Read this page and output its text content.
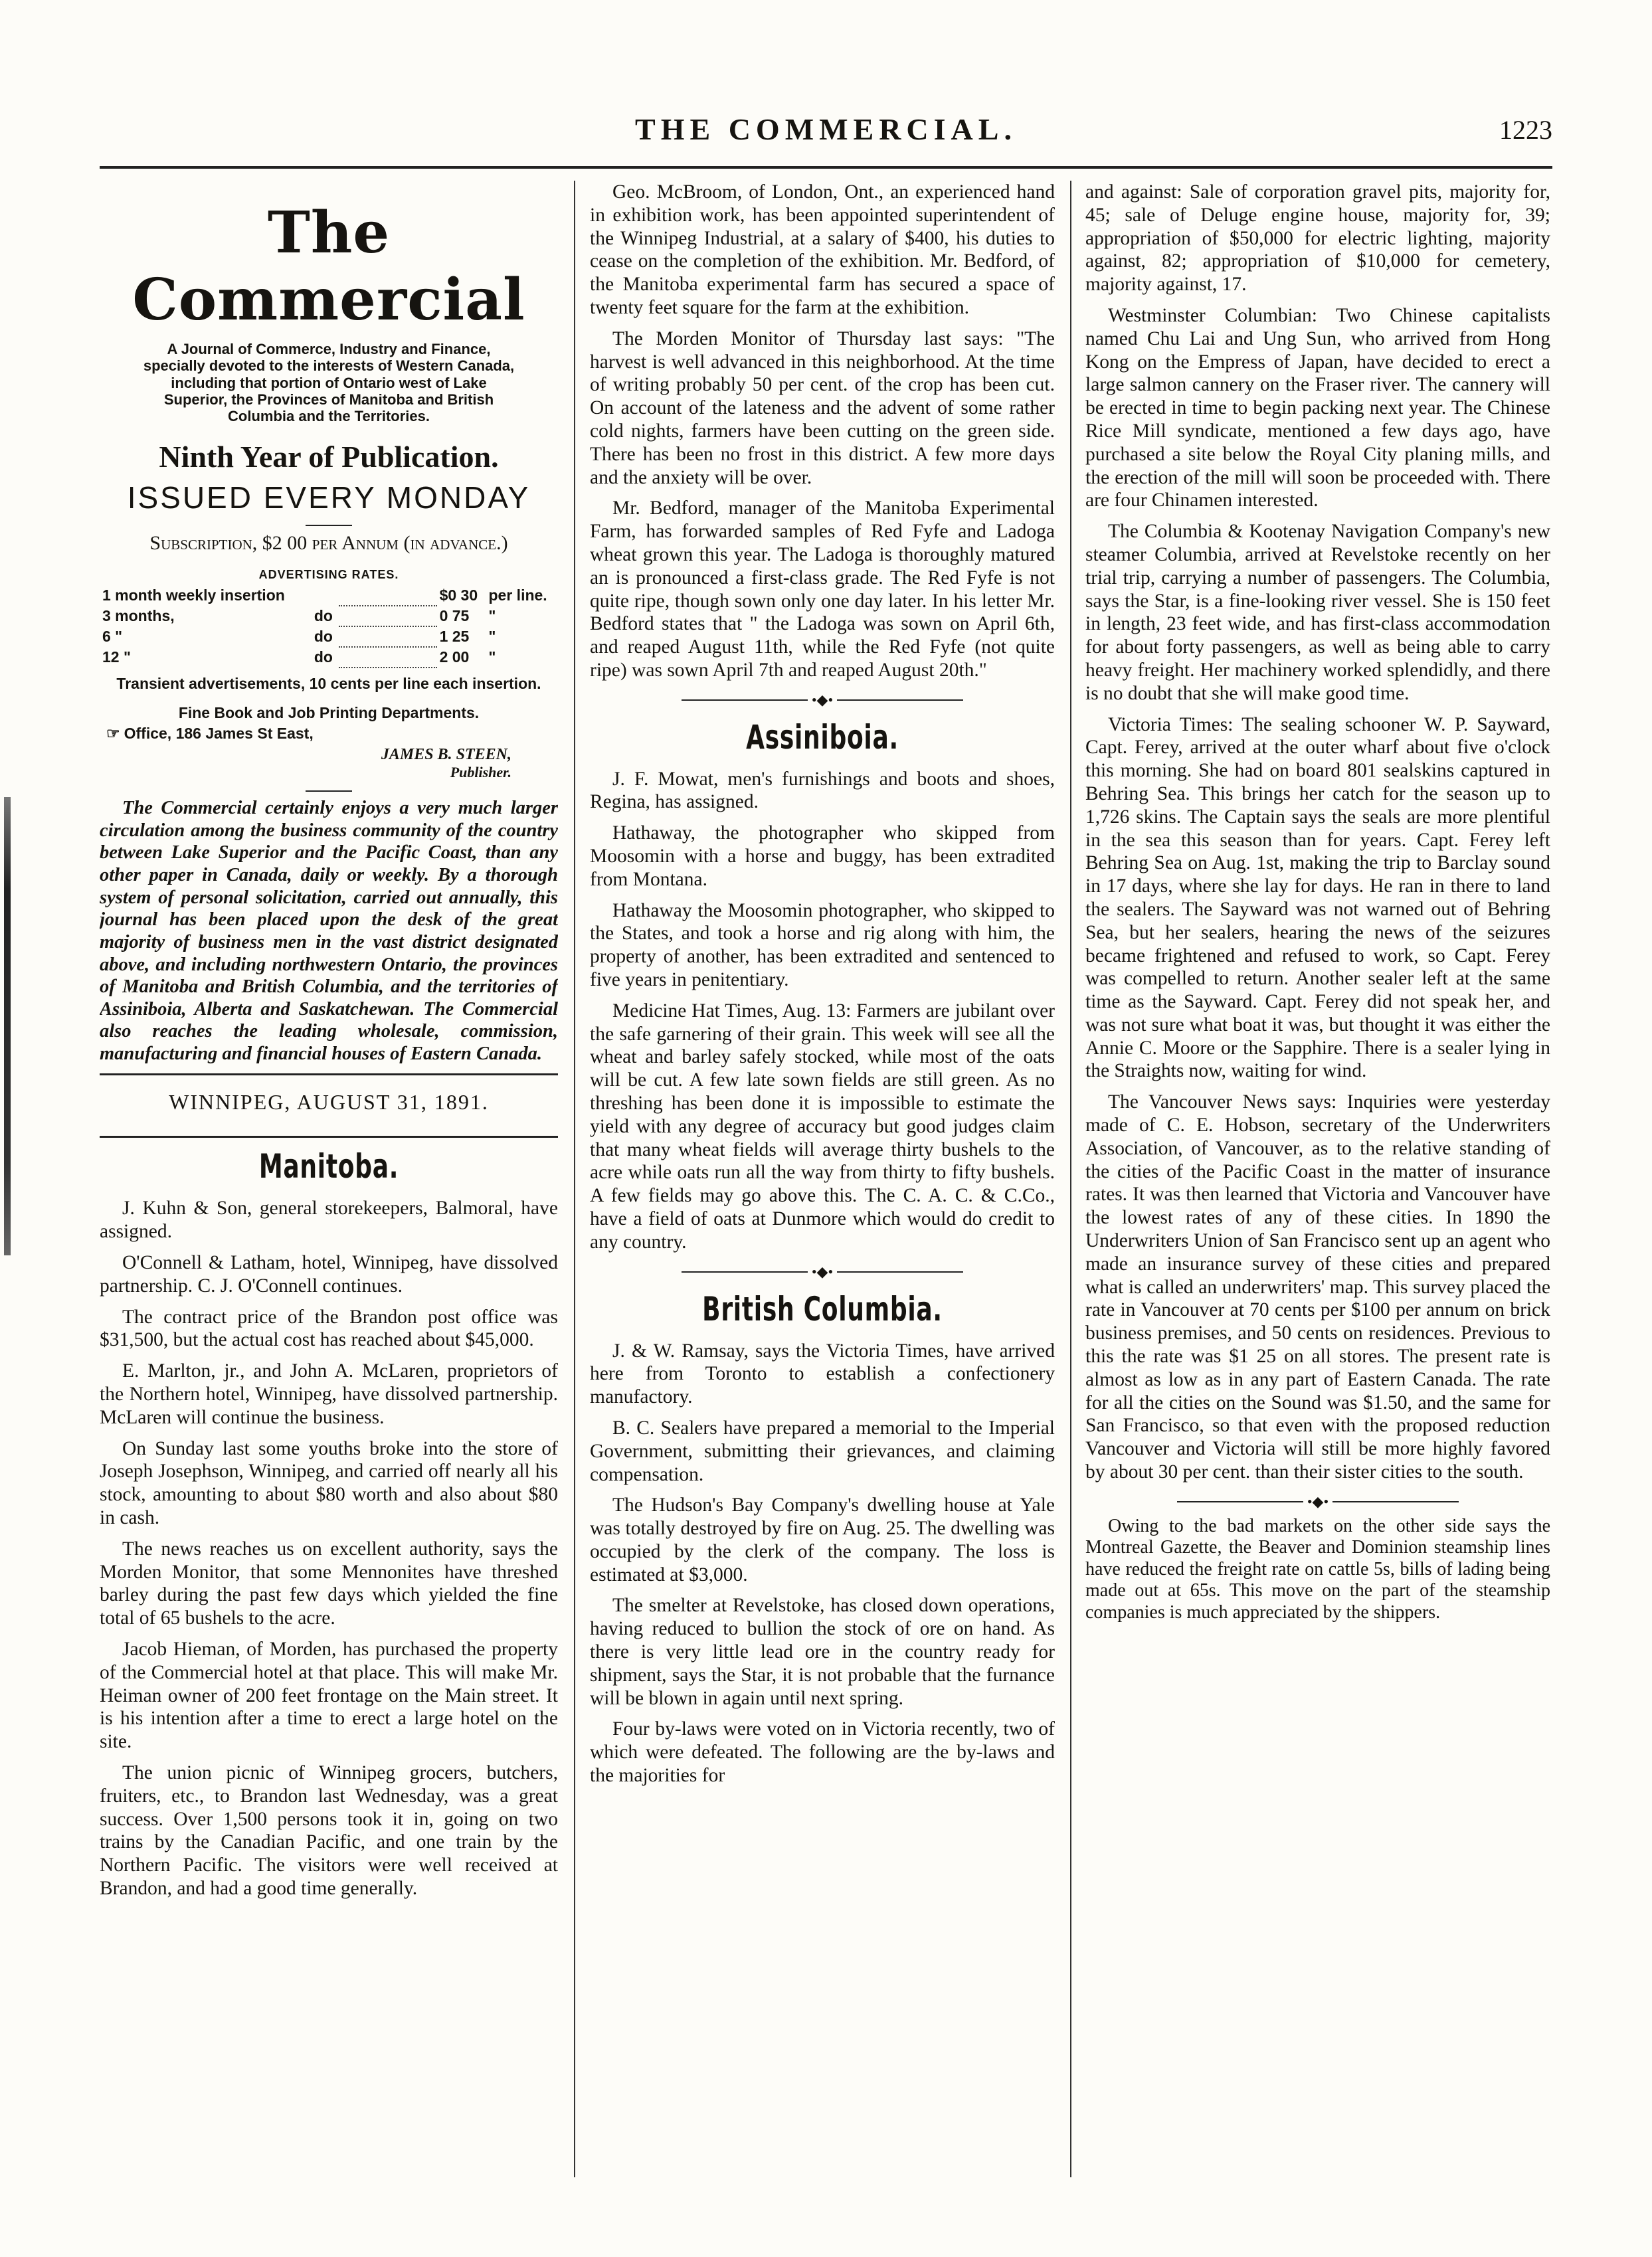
THE COMMERCIAL.	1223
The Commercial
A Journal of Commerce, Industry and Finance, specially devoted to the interests of Western Canada, including that portion of Ontario west of Lake Superior, the Provinces of Manitoba and British Columbia and the Territories.
Ninth Year of Publication.
ISSUED EVERY MONDAY
Subscription, $2 00 per Annum (in advance.)
ADVERTISING RATES.
1 month weekly insertion			$0 30	per line.
3 months,	do		0 75	"
6 "	do		1 25	"
12 "	do		2 00	"
Transient advertisements, 10 cents per line each insertion.
Fine Book and Job Printing Departments.
☞ Office, 186 James St East,
JAMES B. STEEN,
Publisher.

The Commercial certainly enjoys a very much larger circulation among the business community of the country between Lake Superior and the Pacific Coast, than any other paper in Canada, daily or weekly. By a thorough system of personal solicitation, carried out annually, this journal has been placed upon the desk of the great majority of business men in the vast district designated above, and including northwestern Ontario, the provinces of Manitoba and British Columbia, and the territories of Assiniboia, Alberta and Saskatchewan. The Commercial also reaches the leading wholesale, commission, manufacturing and financial houses of Eastern Canada.

WINNIPEG, AUGUST 31, 1891.
Manitoba.

J. Kuhn & Son, general storekeepers, Balmoral, have assigned.

O'Connell & Latham, hotel, Winnipeg, have dissolved partnership. C. J. O'Connell continues.

The contract price of the Brandon post office was $31,500, but the actual cost has reached about $45,000.

E. Marlton, jr., and John A. McLaren, proprietors of the Northern hotel, Winnipeg, have dissolved partnership. McLaren will continue the business.

On Sunday last some youths broke into the store of Joseph Josephson, Winnipeg, and carried off nearly all his stock, amounting to about $80 worth and also about $80 in cash.

The news reaches us on excellent authority, says the Morden Monitor, that some Mennonites have threshed barley during the past few days which yielded the fine total of 65 bushels to the acre.

Jacob Hieman, of Morden, has purchased the property of the Commercial hotel at that place. This will make Mr. Heiman owner of 200 feet frontage on the Main street. It is his intention after a time to erect a large hotel on the site.

The union picnic of Winnipeg grocers, butchers, fruiters, etc., to Brandon last Wednesday, was a great success. Over 1,500 persons took it in, going on two trains by the Canadian Pacific, and one train by the Northern Pacific. The visitors were well received at Brandon, and had a good time generally.

Geo. McBroom, of London, Ont., an experienced hand in exhibition work, has been appointed superintendent of the Winnipeg Industrial, at a salary of $400, his duties to cease on the completion of the exhibition. Mr. Bedford, of the Manitoba experimental farm has secured a space of twenty feet square for the farm at the exhibition.

The Morden Monitor of Thursday last says: "The harvest is well advanced in this neighborhood. At the time of writing probably 50 per cent. of the crop has been cut. On account of the lateness and the advent of some rather cold nights, farmers have been cutting on the green side. There has been no frost in this district. A few more days and the anxiety will be over.

Mr. Bedford, manager of the Manitoba Experimental Farm, has forwarded samples of Red Fyfe and Ladoga wheat grown this year. The Ladoga is thoroughly matured an is pronounced a first-class grade. The Red Fyfe is not quite ripe, though sown only one day later. In his letter Mr. Bedford states that " the Ladoga was sown on April 6th, and reaped August 11th, while the Red Fyfe (not quite ripe) was sown April 7th and reaped August 20th."

•◆•
Assiniboia.

J. F. Mowat, men's furnishings and boots and shoes, Regina, has assigned.

Hathaway, the photographer who skipped from Moosomin with a horse and buggy, has been extradited from Montana.

Hathaway the Moosomin photographer, who skipped to the States, and took a horse and rig along with him, the property of another, has been extradited and sentenced to five years in penitentiary.

Medicine Hat Times, Aug. 13: Farmers are jubilant over the safe garnering of their grain. This week will see all the wheat and barley safely stocked, while most of the oats will be cut. A few late sown fields are still green. As no threshing has been done it is impossible to estimate the yield with any degree of accuracy but good judges claim that many wheat fields will average thirty bushels to the acre while oats run all the way from thirty to fifty bushels. A few fields may go above this. The C. A. C. & C.Co., have a field of oats at Dunmore which would do credit to any country.

•◆•
British Columbia.

J. & W. Ramsay, says the Victoria Times, have arrived here from Toronto to establish a confectionery manufactory.

B. C. Sealers have prepared a memorial to the Imperial Government, submitting their grievances, and claiming compensation.

The Hudson's Bay Company's dwelling house at Yale was totally destroyed by fire on Aug. 25. The dwelling was occupied by the clerk of the company. The loss is estimated at $3,000.

The smelter at Revelstoke, has closed down operations, having reduced to bullion the stock of ore on hand. As there is very little lead ore in the country ready for shipment, says the Star, it is not probable that the furnance will be blown in again until next spring.

Four by-laws were voted on in Victoria recently, two of which were defeated. The following are the by-laws and the majorities for

and against: Sale of corporation gravel pits, majority for, 45; sale of Deluge engine house, majority for, 39; appropriation of $50,000 for electric lighting, majority against, 82; appropriation of $10,000 for cemetery, majority against, 17.

Westminster Columbian: Two Chinese capitalists named Chu Lai and Ung Sun, who arrived from Hong Kong on the Empress of Japan, have decided to erect a large salmon cannery on the Fraser river. The cannery will be erected in time to begin packing next year. The Chinese Rice Mill syndicate, mentioned a few days ago, have purchased a site below the Royal City planing mills, and the erection of the mill will soon be proceeded with. There are four Chinamen interested.

The Columbia & Kootenay Navigation Company's new steamer Columbia, arrived at Revelstoke recently on her trial trip, carrying a number of passengers. The Columbia, says the Star, is a fine-looking river vessel. She is 150 feet in length, 23 feet wide, and has first-class accommodation for about forty passengers, as well as being able to carry heavy freight. Her machinery worked splendidly, and there is no doubt that she will make good time.

Victoria Times: The sealing schooner W. P. Sayward, Capt. Ferey, arrived at the outer wharf about five o'clock this morning. She had on board 801 sealskins captured in Behring Sea. This brings her catch for the season up to 1,726 skins. The Captain says the seals are more plentiful in the sea this season than for years. Capt. Ferey left Behring Sea on Aug. 1st, making the trip to Barclay sound in 17 days, where she lay for days. He ran in there to land the sealers. The Sayward was not warned out of Behring Sea, but her sealers, hearing the news of the seizures became frightened and refused to work, so Capt. Ferey was compelled to return. Another sealer left at the same time as the Sayward. Capt. Ferey did not speak her, and was not sure what boat it was, but thought it was either the Annie C. Moore or the Sapphire. There is a sealer lying in the Straights now, waiting for wind.

The Vancouver News says: Inquiries were yesterday made of C. E. Hobson, secretary of the Underwriters Association, of Vancouver, as to the relative standing of the cities of the Pacific Coast in the matter of insurance rates. It was then learned that Victoria and Vancouver have the lowest rates of any of these cities. In 1890 the Underwriters Union of San Francisco sent up an agent who made an insurance survey of these cities and prepared what is called an underwriters' map. This survey placed the rate in Vancouver at 70 cents per $100 per annum on brick business premises, and 50 cents on residences. Previous to this the rate was $1 25 on all stores. The present rate is almost as low as in any part of Eastern Canada. The rate for all the cities on the Sound was $1.50, and the same for San Francisco, so that even with the proposed reduction Vancouver and Victoria will still be more highly favored by about 30 per cent. than their sister cities to the south.

•◆•

Owing to the bad markets on the other side says the Montreal Gazette, the Beaver and Dominion steamship lines have reduced the freight rate on cattle 5s, bills of lading being made out at 65s. This move on the part of the steamship companies is much appreciated by the shippers.
